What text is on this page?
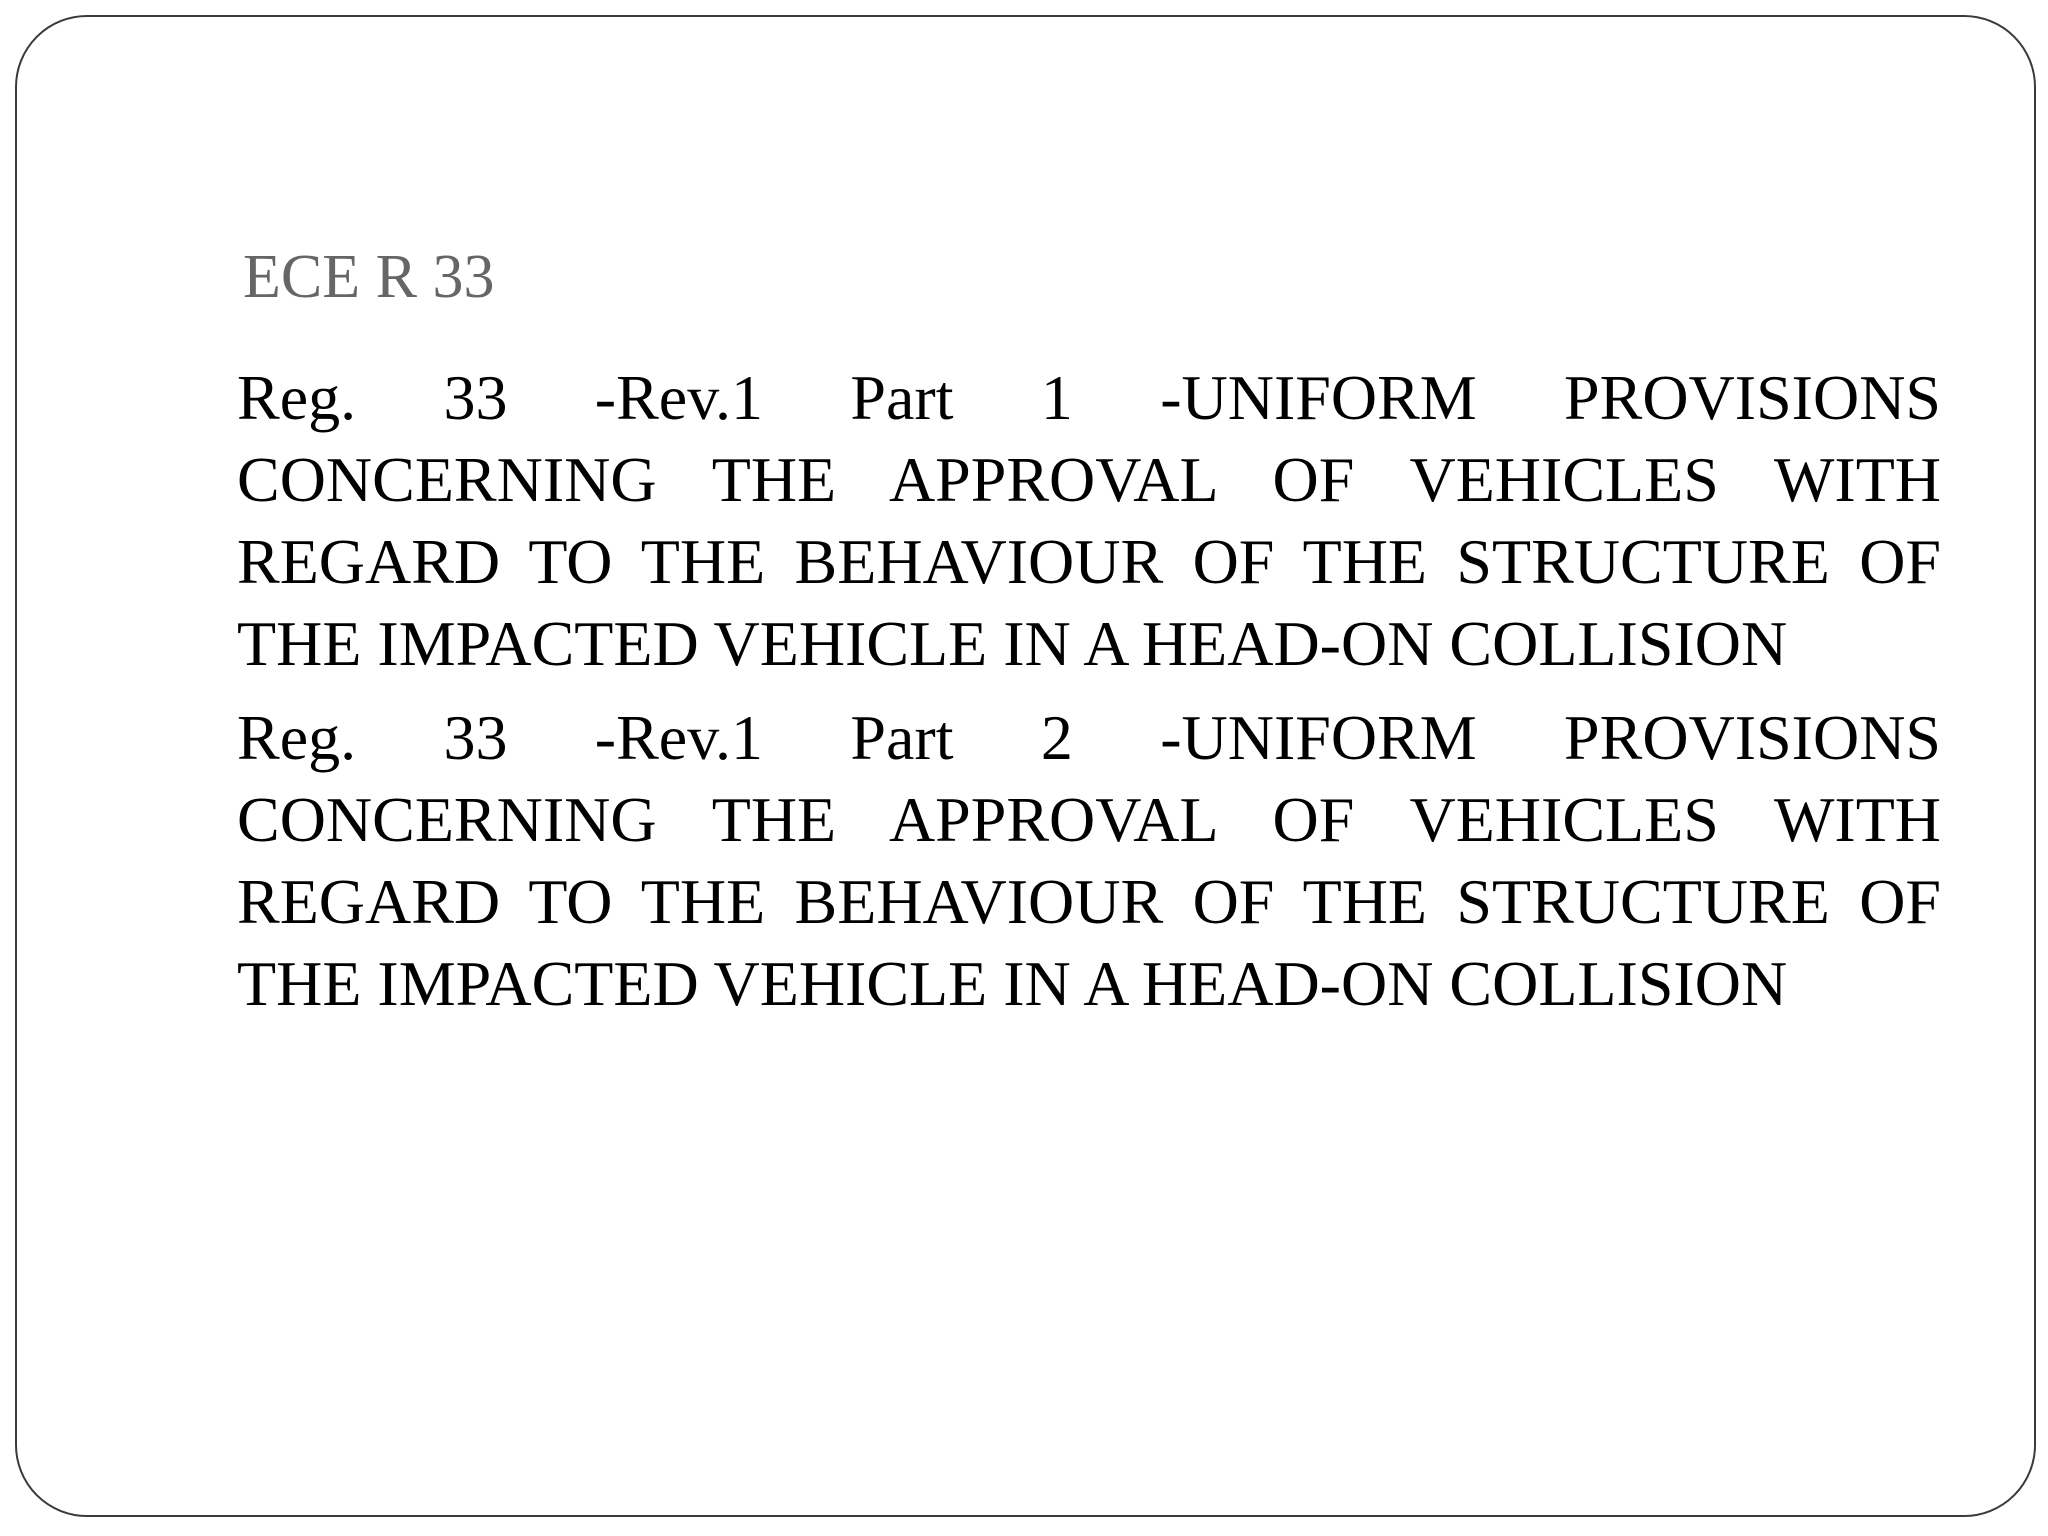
ECE R 33

Reg. 33 -Rev.1 Part 1 -UNIFORM PROVISIONS CONCERNING THE APPROVAL OF VEHICLES WITH REGARD TO THE BEHAVIOUR OF THE STRUCTURE OF THE IMPACTED VEHICLE IN A HEAD-ON COLLISION

Reg. 33 -Rev.1 Part 2 -UNIFORM PROVISIONS CONCERNING THE APPROVAL OF VEHICLES WITH REGARD TO THE BEHAVIOUR OF THE STRUCTURE OF THE IMPACTED VEHICLE IN A HEAD-ON COLLISION
